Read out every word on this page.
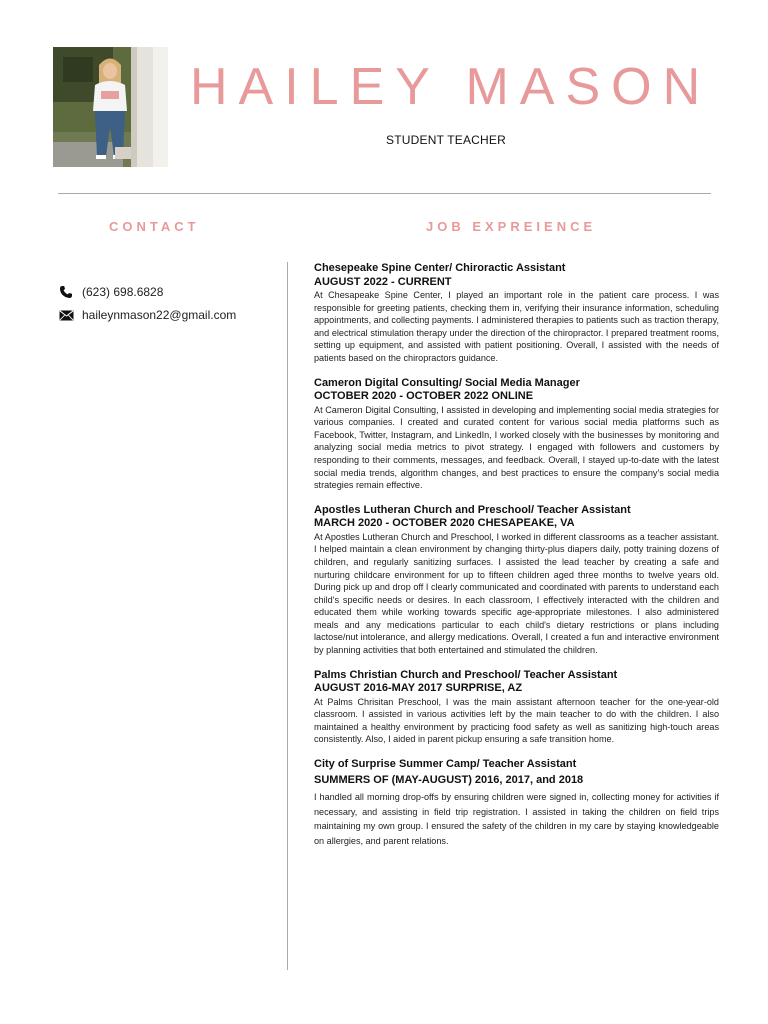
HAILEY MASON
STUDENT TEACHER
CONTACT	JOB EXPREIENCE
(623) 698.6828
haileynmason22@gmail.com
Chesepeake Spine Center/ Chiroractic Assistant
AUGUST 2022 - CURRENT
At Chesapeake Spine Center, I played an important role in the patient care process. I was responsible for greeting patients, checking them in, verifying their insurance information, scheduling appointments, and collecting payments. I administered therapies to patients such as traction therapy, and electrical stimulation therapy under the direction of the chiropractor. I prepared treatment rooms, setting up equipment, and assisted with patient positioning. Overall, I assisted with the needs of patients based on the chiropractors guidance.
Cameron Digital Consulting/ Social Media Manager
OCTOBER 2020 - OCTOBER 2022 ONLINE
At Cameron Digital Consulting, I assisted in developing and implementing social media strategies for various companies. I created and curated content for various social media platforms such as Facebook, Twitter, Instagram, and LinkedIn, I worked closely with the businesses by monitoring and analyzing social media metrics to pivot strategy. I engaged with followers and customers by responding to their comments, messages, and feedback. Overall, I stayed up-to-date with the latest social media trends, algorithm changes, and best practices to ensure the company's social media strategies remain effective.
Apostles Lutheran Church and Preschool/ Teacher Assistant
MARCH 2020 - OCTOBER 2020 CHESAPEAKE, VA
At Apostles Lutheran Church and Preschool, I worked in different classrooms as a teacher assistant. I helped maintain a clean environment by changing thirty-plus diapers daily, potty training dozens of children, and regularly sanitizing surfaces. I assisted the lead teacher by creating a safe and nurturing childcare environment for up to fifteen children aged three months to twelve years old. During pick up and drop off I clearly communicated and coordinated with parents to understand each child's specific needs or desires. In each classroom, I effectively interacted with the children and educated them while working towards specific age-appropriate milestones. I also administered meals and any medications particular to each child's dietary restrictions or plans including lactose/nut intolerance, and allergy medications. Overall, I created a fun and interactive environment by planning activities that both entertained and stimulated the children.
Palms Christian Church and Preschool/ Teacher Assistant
AUGUST 2016-MAY 2017 SURPRISE, AZ
At Palms Chrisitan Preschool, I was the main assistant afternoon teacher for the one-year-old classroom. I assisted in various activities left by the main teacher to do with the children. I also maintained a healthy environment by practicing food safety as well as sanitizing high-touch areas consistently. Also, I aided in parent pickup ensuring a safe transition home.
City of Surprise Summer Camp/ Teacher Assistant
SUMMERS OF (MAY-AUGUST) 2016, 2017, and 2018
I handled all morning drop-offs by ensuring children were signed in, collecting money for activities if necessary, and assisting in field trip registration. I assisted in taking the children on field trips maintaining my own group. I ensured the safety of the children in my care by staying knowledgeable on allergies, and parent relations.
